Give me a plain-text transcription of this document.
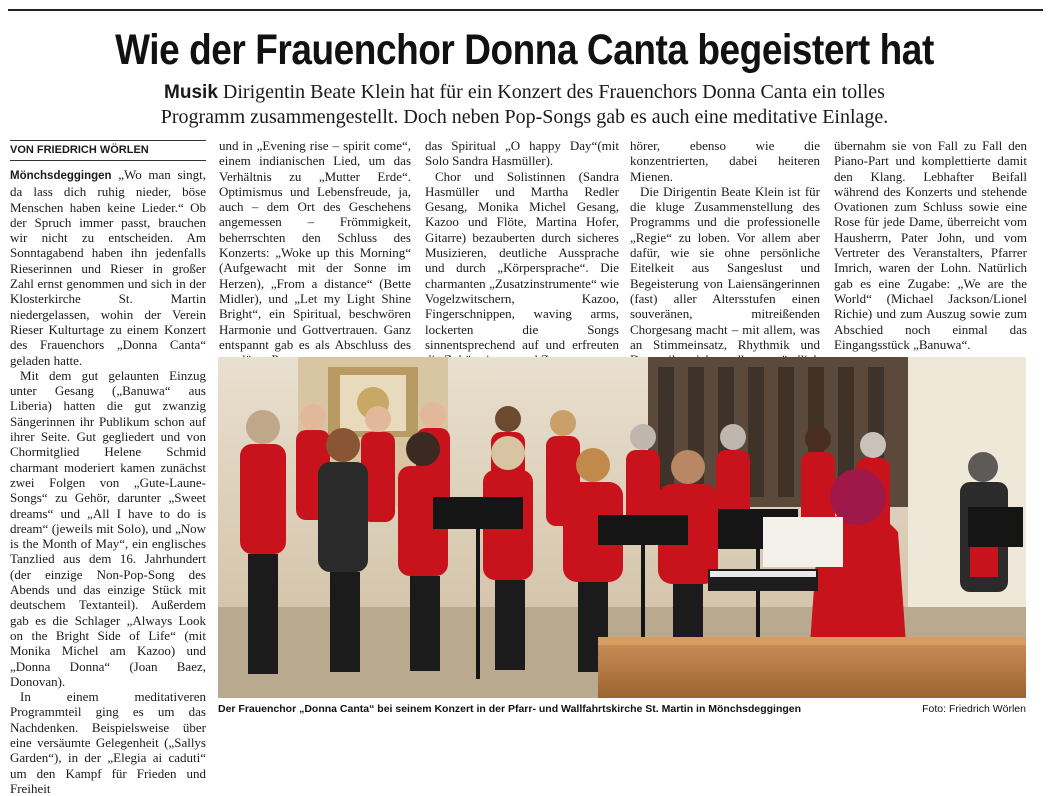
Wie der Frauenchor Donna Canta begeistert hat
Musik Dirigentin Beate Klein hat für ein Konzert des Frauenchors Donna Canta ein tolles
Programm zusammengestellt. Doch neben Pop-Songs gab es auch eine meditative Einlage.
VON FRIEDRICH WÖRLEN

Mönchsdeggingen „Wo man singt, da lass dich ruhig nieder, böse Menschen haben keine Lieder.“ Ob der Spruch immer passt, brauchen wir nicht zu entscheiden. Am Sonntagabend haben ihn jedenfalls Rieserinnen und Rieser in großer Zahl ernst genommen und sich in der Klosterkirche St. Martin niedergelassen, wohin der Verein Rieser Kulturtage zu einem Konzert des Frauenchors „Donna Canta“ geladen hatte.

Mit dem gut gelaunten Einzug unter Gesang („Banuwa“ aus Liberia) hatten die gut zwanzig Sängerinnen ihr Publikum schon auf ihrer Seite. Gut gegliedert und von Chormitglied Helene Schmid charmant moderiert kamen zunächst zwei Folgen von „Gute-Laune-Songs“ zu Gehör, darunter „Sweet dreams“ und „All I have to do is dream“ (jeweils mit Solo), und „Now is the Month of May“, ein englisches Tanzlied aus dem 16. Jahrhundert (der einzige Non-Pop-Song des Abends und das einzige Stück mit deutschem Textanteil). Außerdem gab es die Schlager „Always Look on the Bright Side of Life“ (mit Monika Michel am Kazoo) und „Donna Donna“ (Joan Baez, Donovan).

In einem meditativeren Programmteil ging es um das Nachdenken. Beispielsweise über eine versäumte Gelegenheit („Sallys Garden“), in der „Elegia ai caduti“ um den Kampf für Frieden und Freiheit

und in „Evening rise – spirit come“, einem indianischen Lied, um das Verhältnis zu „Mutter Erde“. Optimismus und Lebensfreude, ja, auch – dem Ort des Geschehens angemessen – Frömmigkeit, beherrschten den Schluss des Konzerts: „Woke up this Morning“ (Aufgewacht mit der Sonne im Herzen), „From a distance“ (Bette Midler), und „Let my Light Shine Bright“, ein Spiritual, beschwören Harmonie und Gottvertrauen. Ganz entspannt gab es als Abschluss des

das Spiritual „O happy Day“(mit Solo Sandra Hasmüller).

Chor und Solistinnen (Sandra Hasmüller und Martha Redler Gesang, Monika Michel Gesang, Kazoo und Flöte, Martina Hofer, Gitarre) bezauberten durch sicheres Musizieren, deutliche Aussprache und durch „Körpersprache“. Die charmanten „Zusatzinstrumente“ wie Vogelzwitschern, Kazoo, Fingerschnippen, waving arms, lockerten die Songs sinnentsprechend auf und erfreuten

hörer, ebenso wie die konzentrierten, dabei heiteren Mienen.

Die Dirigentin Beate Klein ist für die kluge Zusammenstellung des Programms und die professionelle „Regie“ zu loben. Vor allem aber dafür, wie sie ohne persönliche Eitelkeit aus Sangeslust und Begeisterung von Laiensängerinnen (fast) aller Altersstufen einen souveränen, mitreißenden Chorgesang macht – mit allem, was an Stimmeinsatz, Rhythmik und

übernahm sie von Fall zu Fall den Piano-Part und komplettierte damit den Klang. Lebhafter Beifall während des Konzerts und stehende Ovationen zum Schluss sowie eine Rose für jede Dame, überreicht vom Hausherrn, Pater John, und vom Vertreter des Veranstalters, Pfarrer Imrich, waren der Lohn. Natürlich gab es eine Zugabe: „We are the World“ (Michael Jackson/Lionel Richie) und zum Auszug sowie zum Abschied noch einmal das Eingangsstück „Banuwa“.

Der Frauenchor „Donna Canta“ bei seinem Konzert in der Pfarr- und Wallfahrtskirche St. Martin in Mönchsdeggingen	Foto: Friedrich Wörlen
